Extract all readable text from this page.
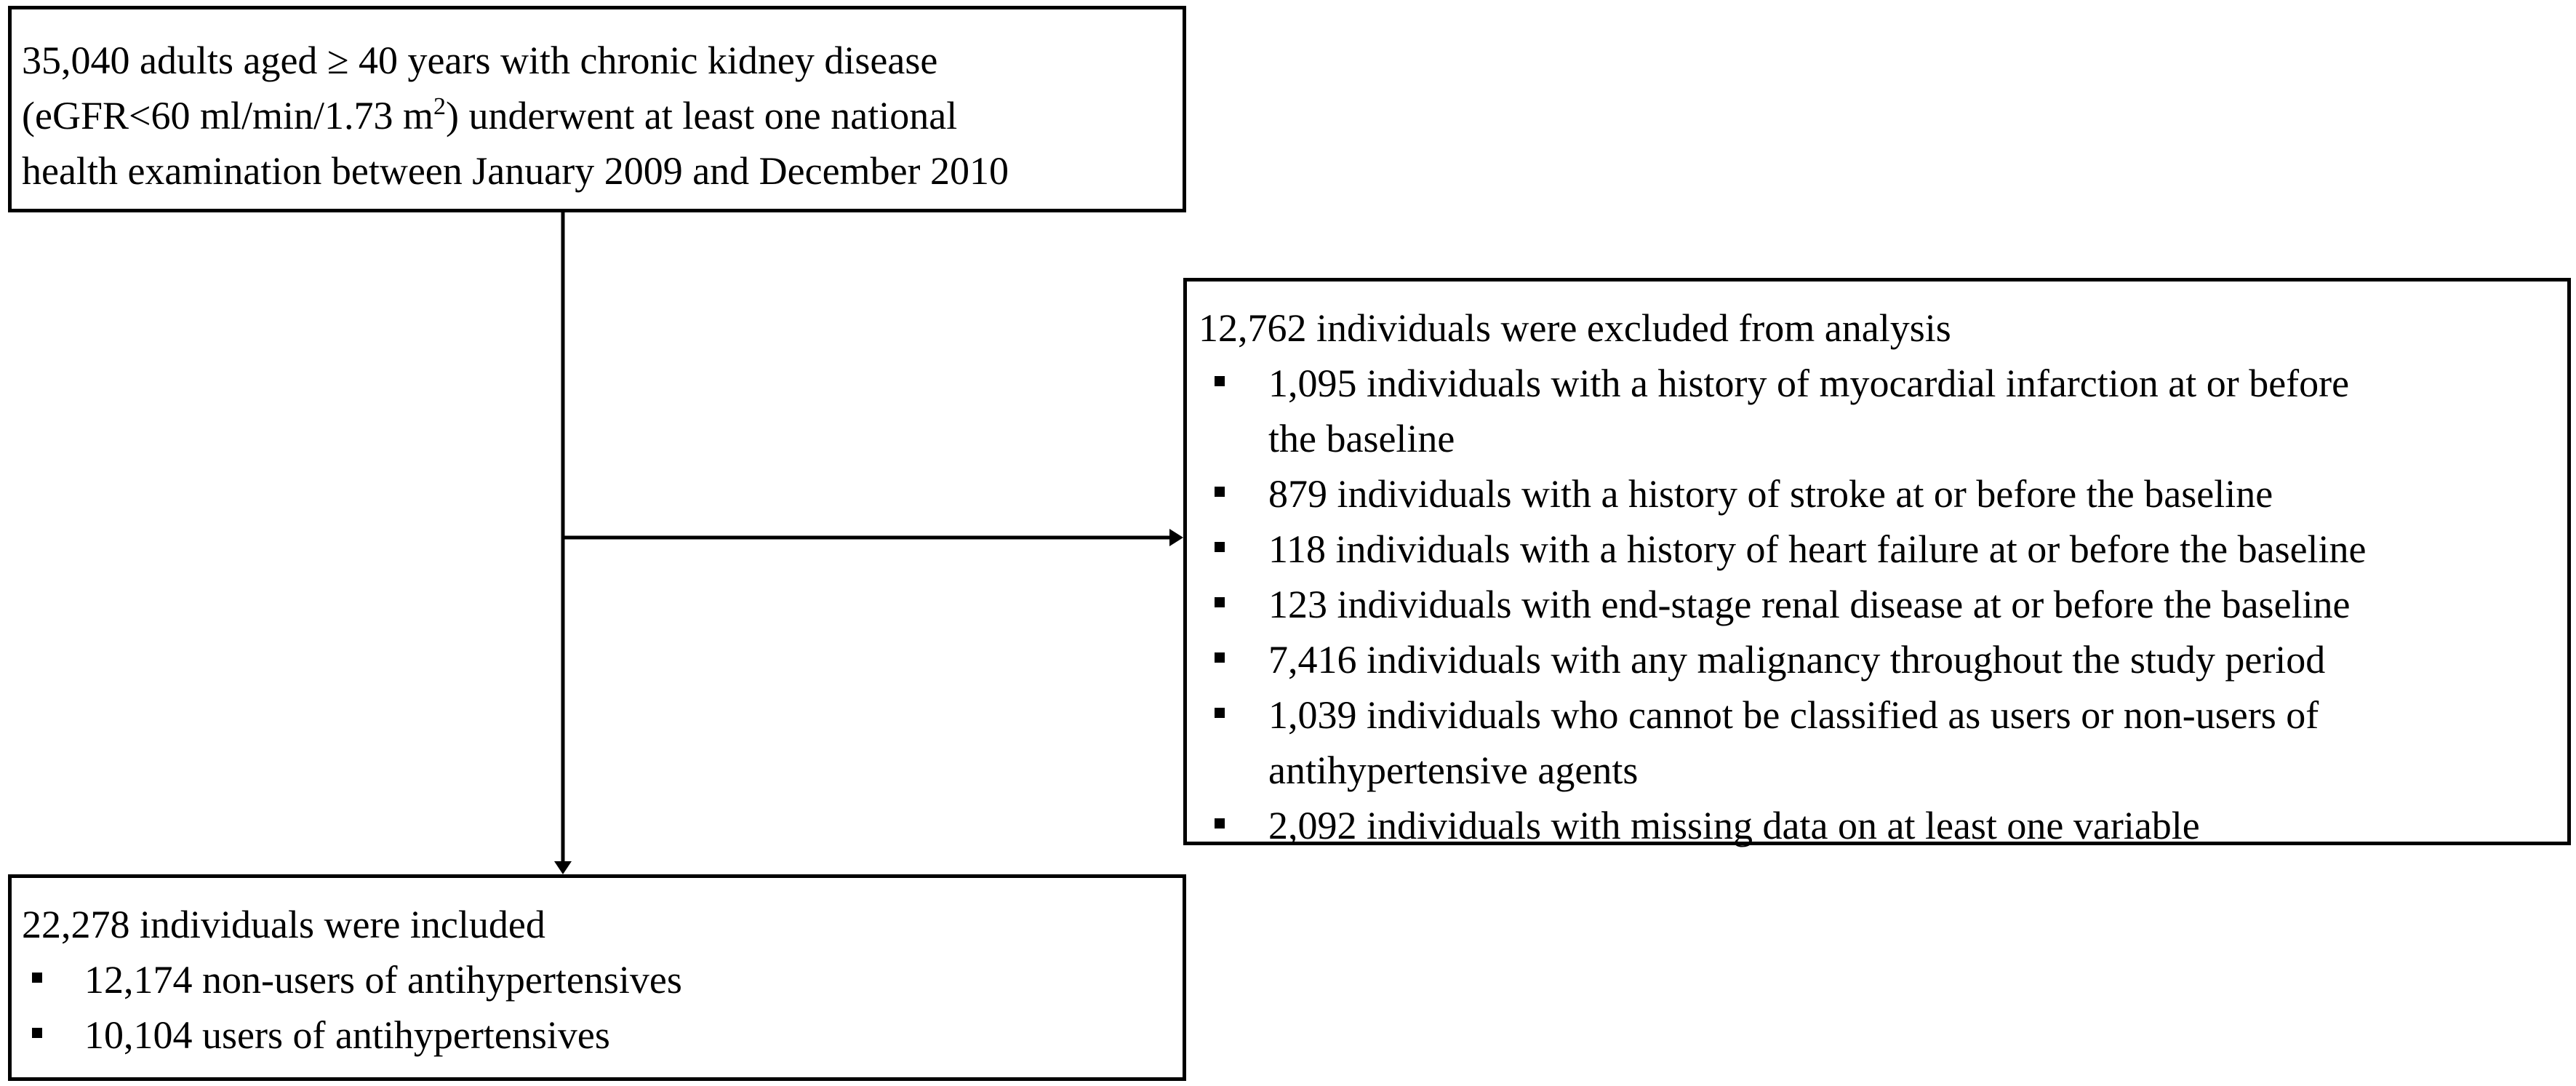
35,040 adults aged ≥ 40 years with chronic kidney disease
(eGFR<60 ml/min/1.73 $m^2$) underwent at least one national
health examination between January 2009 and December 2010
12,762 individuals were excluded from analysis
1,095 individuals with a history of myocardial infarction at or before
the baseline
879 individuals with a history of stroke at or before the baseline
118 individuals with a history of heart failure at or before the baseline
123 individuals with end-stage renal disease at or before the baseline
7,416 individuals with any malignancy throughout the study period
1,039 individuals who cannot be classified as users or non-users of
antihypertensive agents
2,092 individuals with missing data on at least one variable
22,278 individuals were included
12,174 non-users of antihypertensives
10,104 users of antihypertensives
